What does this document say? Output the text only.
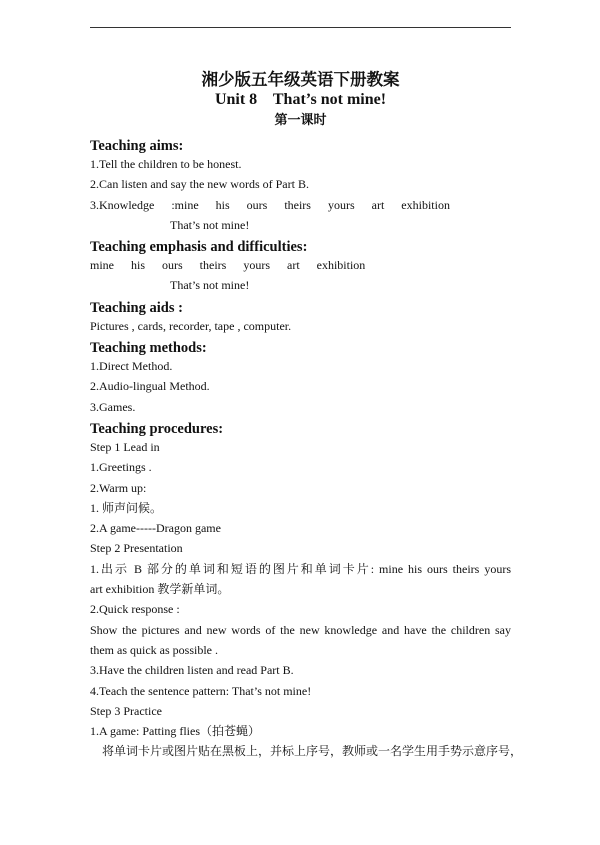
湘少版五年级英语下册教案
Unit 8    That’s not mine!
第一课时
Teaching aims:
1.Tell the children to be honest.
2.Can listen and say the new words of Part B.
3.Knowledge :mine his ours theirs yours art exhibition
That’s not mine!
Teaching emphasis and difficulties:
mine his ours theirs yours art exhibition
That’s not mine!
Teaching aids :
Pictures , cards, recorder, tape , computer.
Teaching methods:
1.Direct Method.
2.Audio-lingual Method.
3.Games.
Teaching procedures:
Step 1 Lead in
1.Greetings .
2.Warm up:
1. 师声问候。
2.A game-----Dragon game
Step 2 Presentation
1.出示 B 部分的单词和短语的图片和单词卡片: mine his ours theirs yours
art exhibition 教学新单词。
2.Quick response :
Show the pictures and new words of the new knowledge and have the children say
them as quick as possible .
3.Have the children listen and read Part B.
4.Teach the sentence pattern: That’s not mine!
Step 3 Practice
1.A game: Patting flies（拍苍蝇）
将单词卡片或图片贴在黑板上，并标上序号，教师或一名学生用手势示意序号，
